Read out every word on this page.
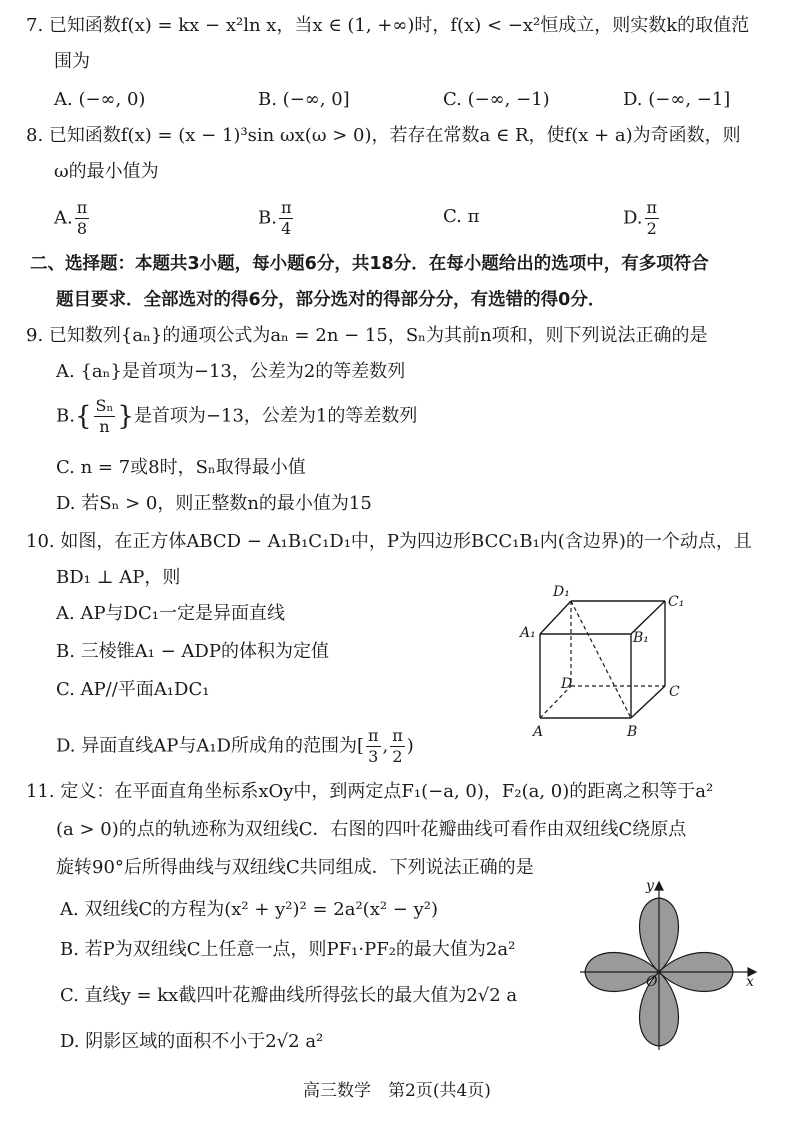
7. 已知函数f(x) = kx − x²ln x，当x ∈ (1, +∞)时，f(x) < −x²恒成立，则实数k的取值范
围为
A. (−∞, 0)	B. (−∞, 0]	C. (−∞, −1)	D. (−∞, −1]
8. 已知函数f(x) = (x − 1)³sin ωx(ω > 0)，若存在常数a ∈ R，使f(x + a)为奇函数，则
ω的最小值为
A. $\frac{\pi}{8}$	B. $\frac{\pi}{4}$	C. π	D. $\frac{\pi}{2}$
二、选择题：本题共3小题，每小题6分，共18分．在每小题给出的选项中，有多项符合
题目要求．全部选对的得6分，部分选对的得部分分，有选错的得0分．
9. 已知数列{aₙ}的通项公式为aₙ = 2n − 15，Sₙ为其前n项和，则下列说法正确的是
A. {aₙ}是首项为−13，公差为2的等差数列
$B.\{ \frac{\text{Sₙ}}{n}$ }是首项为−13，公差为1的等差数列
C. n = 7或8时，Sₙ取得最小值
D. 若Sₙ > 0，则正整数n的最小值为15
10. 如图，在正方体ABCD − A₁B₁C₁D₁中，P为四边形BCC₁B₁内(含边界)的一个动点，且
BD₁ ⊥ AP，则
A. AP与DC₁一定是异面直线
B. 三棱锥A₁ − ADP的体积为定值
C. AP//平面A₁DC₁
D. 异面直线AP与A₁D所成角的范围为[ $\frac{\pi}{3}$ , $\frac{\pi}{2}$ )
D₁
C₁
A₁	B₁
D	C
A	B
11. 定义：在平面直角坐标系xOy中，到两定点F₁(−a, 0)，F₂(a, 0)的距离之积等于a²
(a > 0)的点的轨迹称为双纽线C．右图的四叶花瓣曲线可看作由双纽线C绕原点
旋转90°后所得曲线与双纽线C共同组成．下列说法正确的是
A. 双纽线C的方程为(x² + y²)² = 2a²(x² − y²)
B. 若P为双纽线C上任意一点，则PF₁·PF₂的最大值为2a²
C. 直线y = kx截四叶花瓣曲线所得弦长的最大值为2√2 a
D. 阴影区域的面积不小于2√2 a²
y
O	x
高三数学　第2页(共4页)
